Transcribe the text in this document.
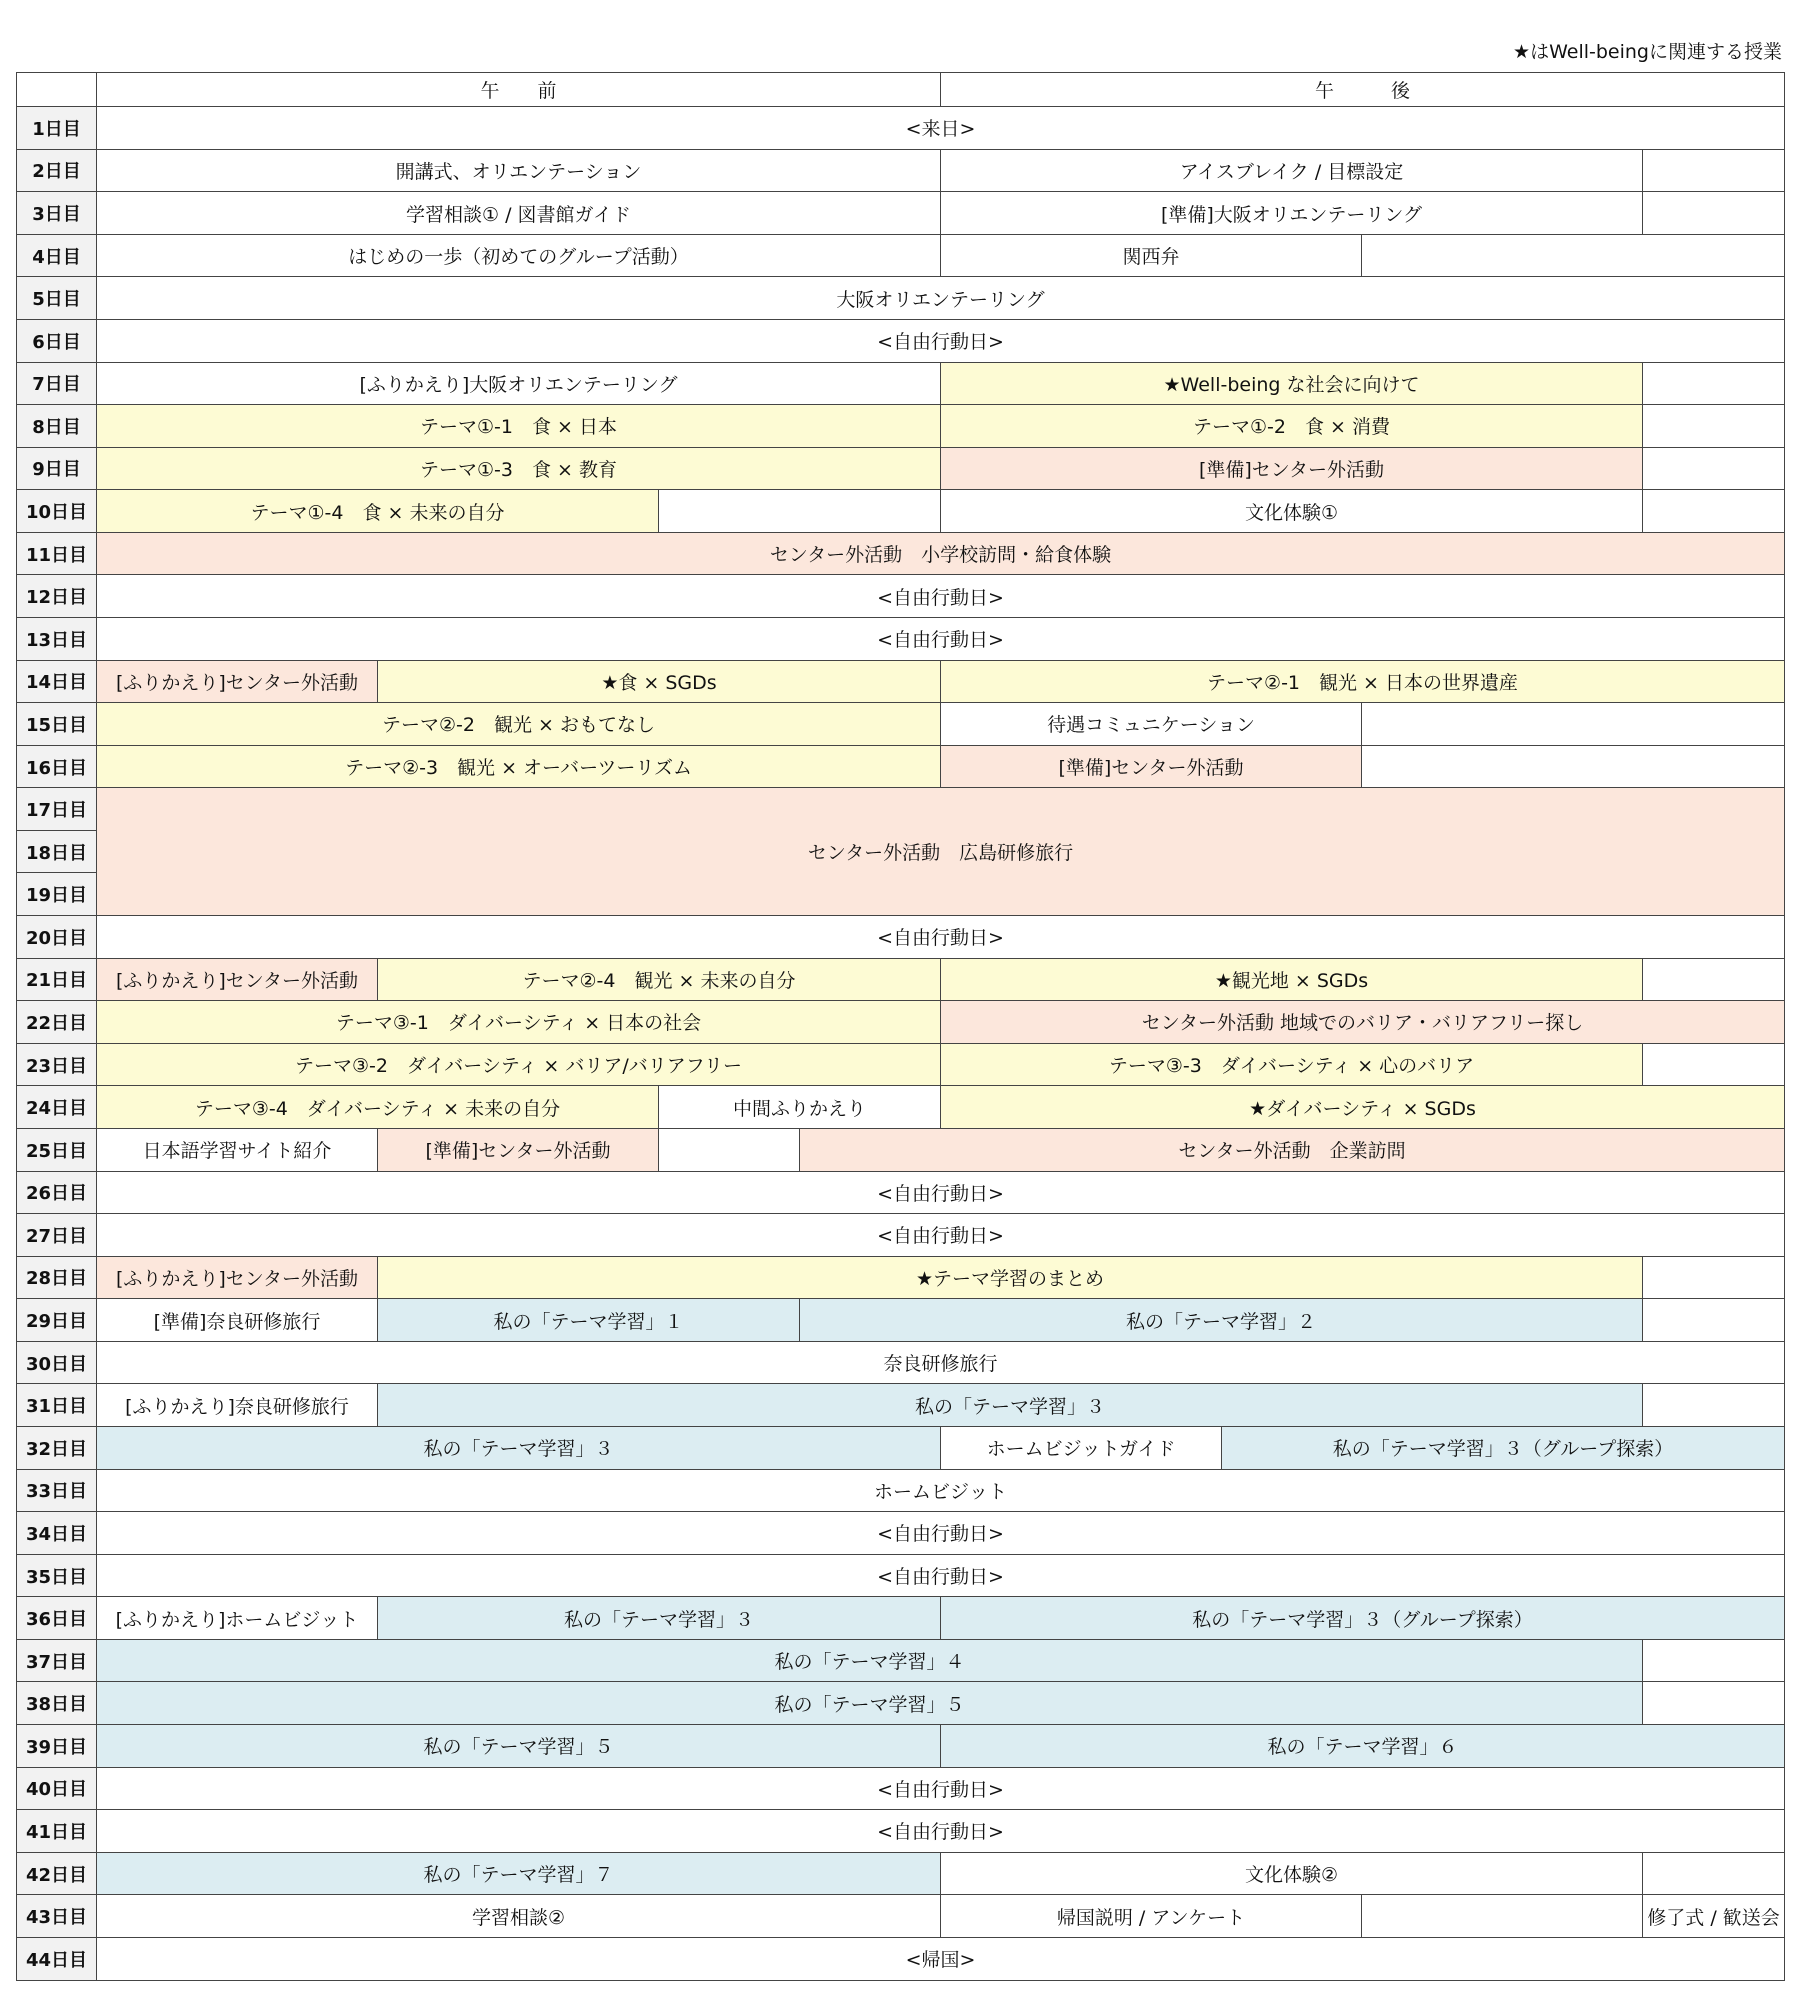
★はWell-beingに関連する授業
	午　　前				午　　　後			
1日目	<来日>							
2日目	開講式、オリエンテーション				アイスブレイク / 目標設定			
3日目	学習相談① / 図書館ガイド				[準備]大阪オリエンテーリング			
4日目	はじめの一歩（初めてのグループ活動）				関西弁			
5日目	大阪オリエンテーリング							
6日目	<自由行動日>							
7日目	[ふりかえり]大阪オリエンテーリング				★Well-being な社会に向けて			
8日目	テーマ①-1　食 × 日本				テーマ①-2　食 × 消費			
9日目	テーマ①-3　食 × 教育				[準備]センター外活動			
10日目	テーマ①-4　食 × 未来の自分				文化体験①			
11日目	センター外活動　小学校訪問・給食体験							
12日目	<自由行動日>							
13日目	<自由行動日>							
14日目	[ふりかえり]センター外活動	★食 × SGDs			テーマ②-1　観光 × 日本の世界遺産			
15日目	テーマ②-2　観光 × おもてなし				待遇コミュニケーション			
16日目	テーマ②-3　観光 × オーバーツーリズム				[準備]センター外活動			
17日目	センター外活動　広島研修旅行							
18日目								
19日目								
20日目	<自由行動日>							
21日目	[ふりかえり]センター外活動	テーマ②-4　観光 × 未来の自分			★観光地 × SGDs			
22日目	テーマ③-1　ダイバーシティ × 日本の社会				センター外活動 地域でのバリア・バリアフリー探し			
23日目	テーマ③-2　ダイバーシティ × バリア/バリアフリー				テーマ③-3　ダイバーシティ × 心のバリア			
24日目	テーマ③-4　ダイバーシティ × 未来の自分		中間ふりかえり		★ダイバーシティ × SGDs			
25日目	日本語学習サイト紹介	[準備]センター外活動		センター外活動　企業訪問				
26日目	<自由行動日>							
27日目	<自由行動日>							
28日目	[ふりかえり]センター外活動	★テーマ学習のまとめ						
29日目	[準備]奈良研修旅行	私の「テーマ学習」１		私の「テーマ学習」２				
30日目	奈良研修旅行							
31日目	[ふりかえり]奈良研修旅行	私の「テーマ学習」３						
32日目	私の「テーマ学習」３				ホームビジットガイド	私の「テーマ学習」３（グループ探索）		
33日目	ホームビジット							
34日目	<自由行動日>							
35日目	<自由行動日>							
36日目	[ふりかえり]ホームビジット	私の「テーマ学習」３			私の「テーマ学習」３（グループ探索）			
37日目	私の「テーマ学習」４							
38日目	私の「テーマ学習」５							
39日目	私の「テーマ学習」５				私の「テーマ学習」６			
40日目	<自由行動日>							
41日目	<自由行動日>							
42日目	私の「テーマ学習」７				文化体験②			
43日目	学習相談②				帰国説明 / アンケート			修了式 / 歓送会
44日目	<帰国>							
